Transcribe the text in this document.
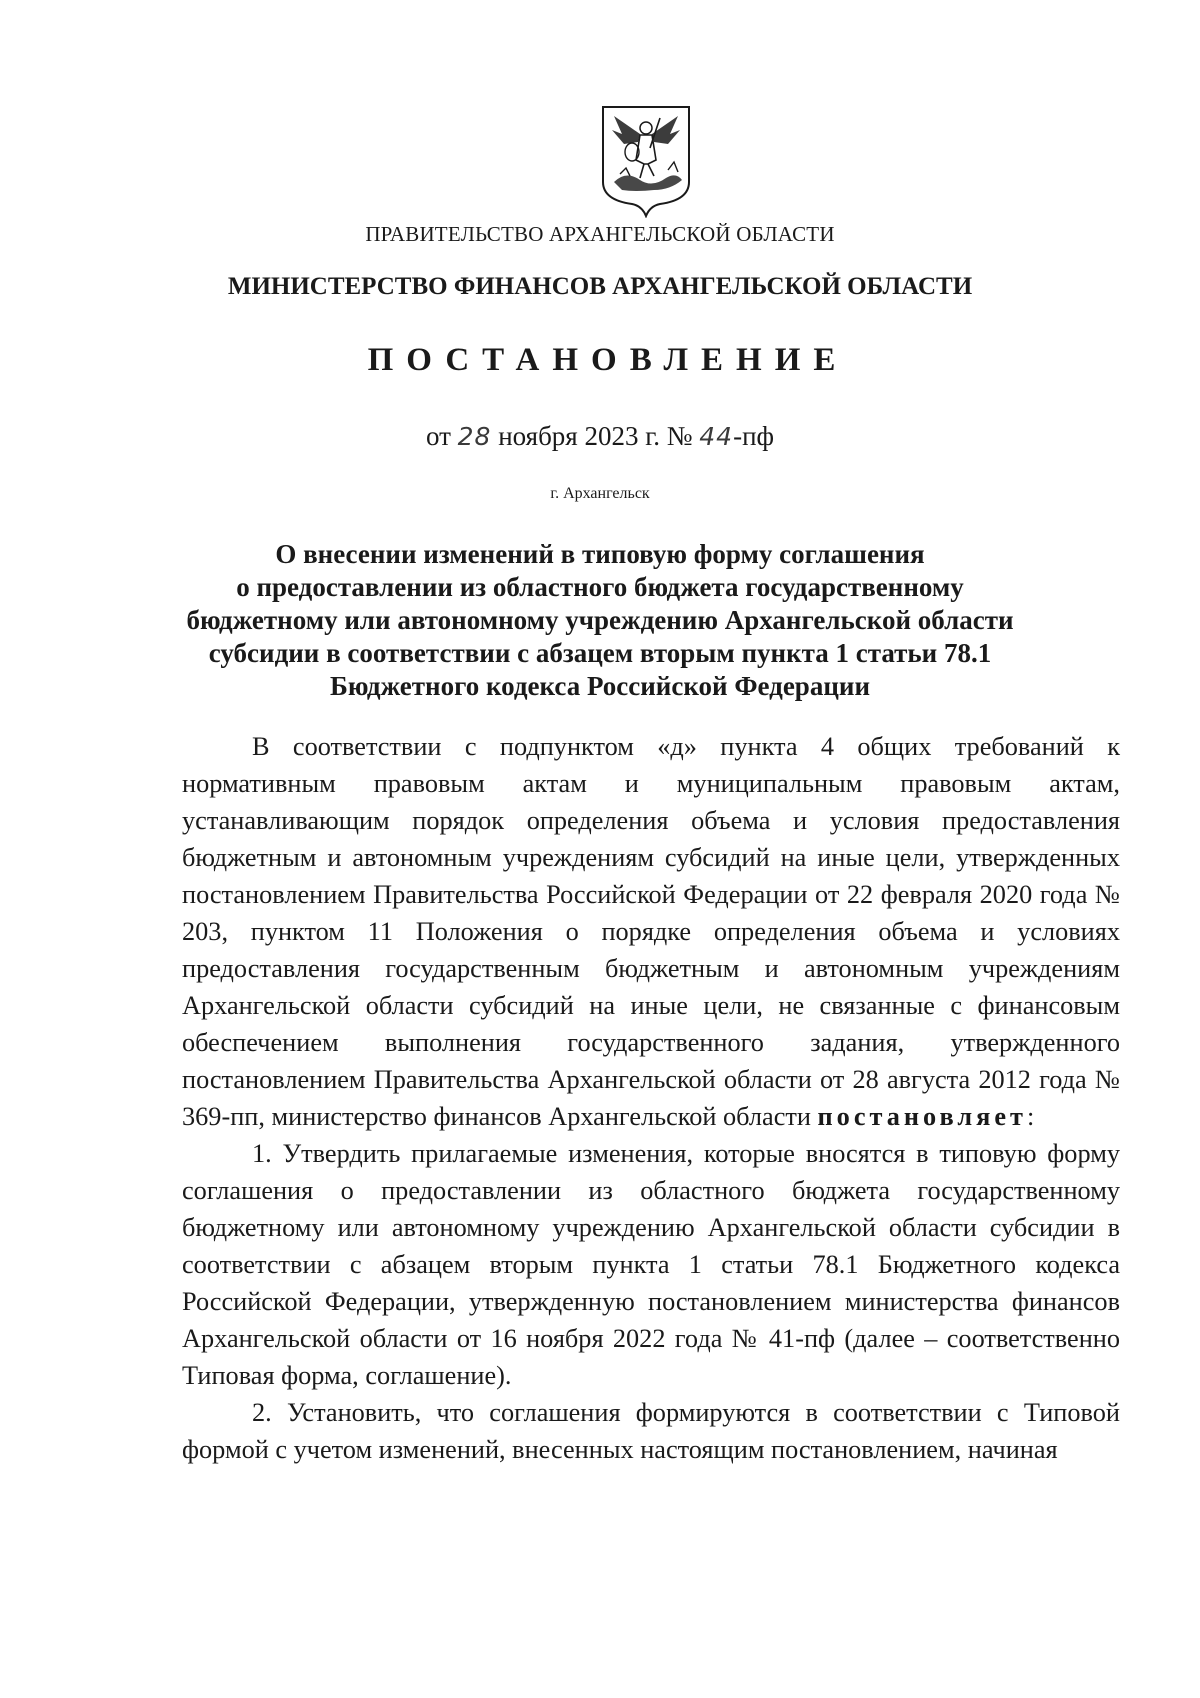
ПРАВИТЕЛЬСТВО АРХАНГЕЛЬСКОЙ ОБЛАСТИ
МИНИСТЕРСТВО ФИНАНСОВ АРХАНГЕЛЬСКОЙ ОБЛАСТИ
ПОСТАНОВЛЕНИЕ
от 28 ноября 2023 г. № 44-пф
г. Архангельск
О внесении изменений в типовую форму соглашения
о предоставлении из областного бюджета государственному
бюджетному или автономному учреждению Архангельской области
субсидии в соответствии с абзацем вторым пункта 1 статьи 78.1
Бюджетного кодекса Российской Федерации

В соответствии с подпунктом «д» пункта 4 общих требований к нормативным правовым актам и муниципальным правовым актам, устанавливающим порядок определения объема и условия предоставления бюджетным и автономным учреждениям субсидий на иные цели, утвержденных постановлением Правительства Российской Федерации от 22 февраля 2020 года № 203, пунктом 11 Положения о порядке определения объема и условиях предоставления государственным бюджетным и автономным учреждениям Архангельской области субсидий на иные цели, не связанные с финансовым обеспечением выполнения государственного задания, утвержденного постановлением Правительства Архангельской области от 28 августа 2012 года № 369-пп, министерство финансов Архангельской области постановляет:

1. Утвердить прилагаемые изменения, которые вносятся в типовую форму соглашения о предоставлении из областного бюджета государственному бюджетному или автономному учреждению Архангельской области субсидии в соответствии с абзацем вторым пункта 1 статьи 78.1 Бюджетного кодекса Российской Федерации, утвержденную постановлением министерства финансов Архангельской области от 16 ноября 2022 года № 41-пф (далее – соответственно Типовая форма, соглашение).

2. Установить, что соглашения формируются в соответствии с Типовой формой с учетом изменений, внесенных настоящим постановлением, начиная
